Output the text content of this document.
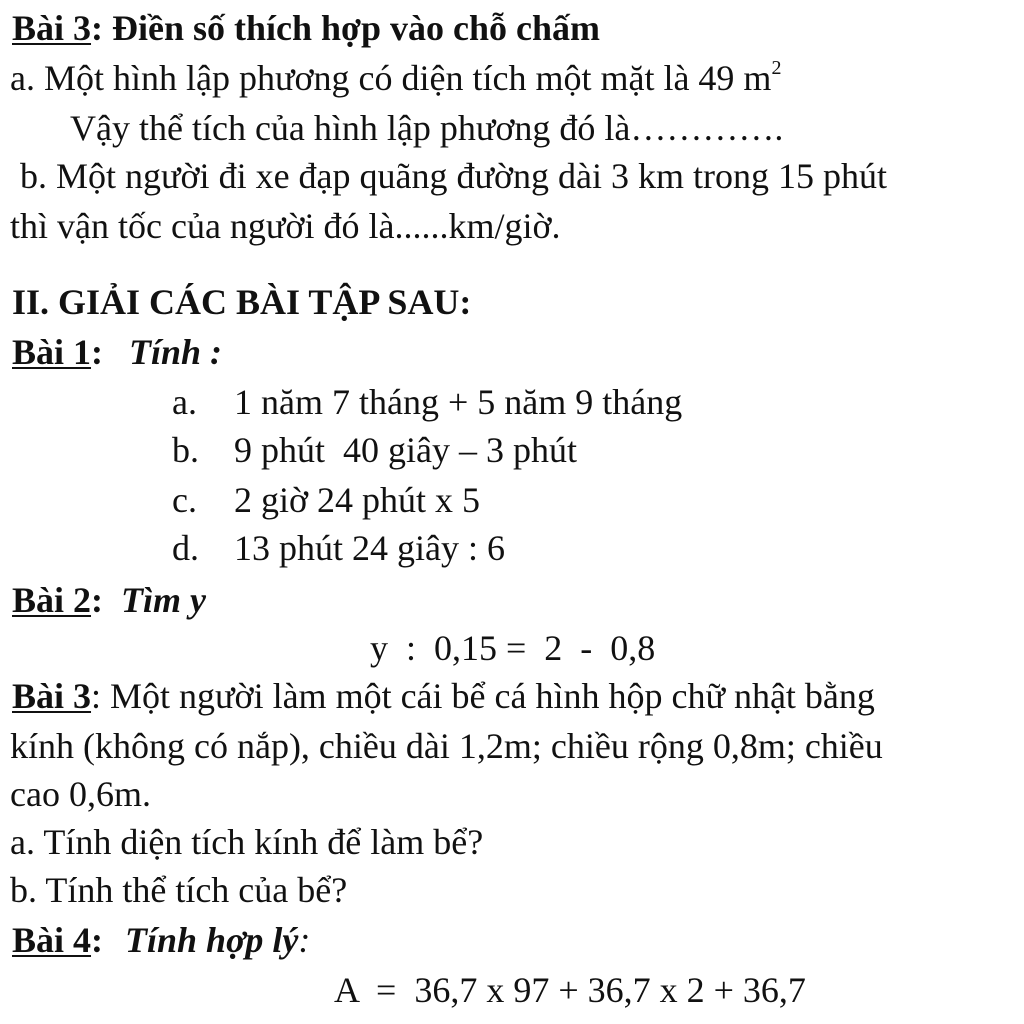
Bài 3: Điền số thích hợp vào chỗ chấm
a. Một hình lập phương có diện tích một mặt là 49 $m^2$
Vậy thể tích của hình lập phương đó là………….
b. Một người đi xe đạp quãng đường dài 3 km trong 15 phút
thì vận tốc của người đó là......km/giờ.
II. GIẢI CÁC BÀI TẬP SAU:
Bài 1: Tính :
a. 1 năm 7 tháng + 5 năm 9 tháng
b. 9 phút  40 giây – 3 phút
c. 2 giờ 24 phút x 5
d. 13 phút 24 giây : 6
Bài 2: Tìm y
y  :  0,15 =  2  -  0,8
Bài 3: Một người làm một cái bể cá hình hộp chữ nhật bằng
kính (không có nắp), chiều dài 1,2m; chiều rộng 0,8m; chiều
cao 0,6m.
a. Tính diện tích kính để làm bể?
b. Tính thể tích của bể?
Bài 4: Tính hợp lý:
A  =  36,7 x 97 + 36,7 x 2 + 36,7
